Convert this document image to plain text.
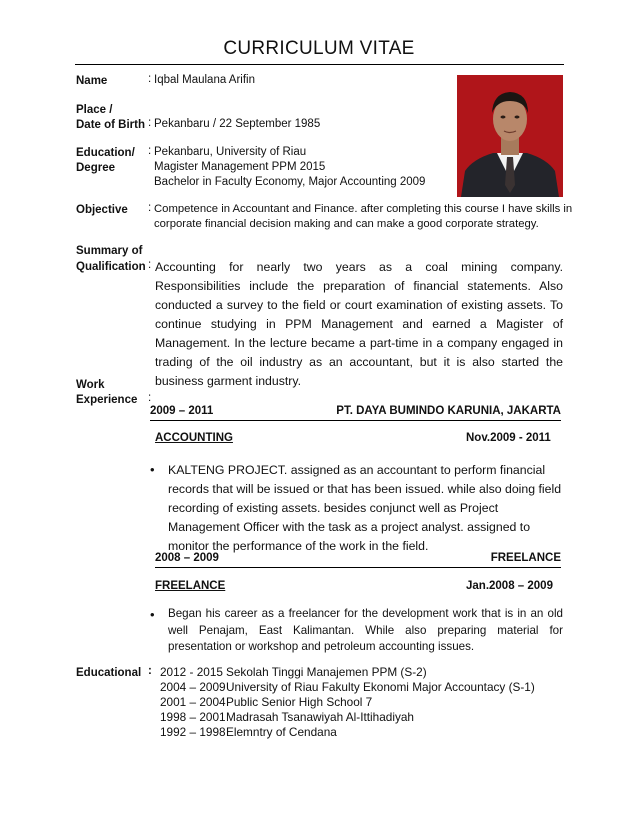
CURRICULUM VITAE
Name	: Iqbal Maulana Arifin
Place /
Date of Birth : Pekanbaru / 22 September 1985
Education/
Degree
: Pekanbaru, University of Riau
Magister Management PPM 2015
Bachelor in Faculty Economy, Major Accounting 2009
Objective : Competence in Accountant and Finance. after completing this course I have skills in
corporate financial decision making and can make a good corporate strategy.
Summary of
Qualification : Accounting for nearly two years as a coal mining company. Responsibilities include the preparation of financial statements. Also conducted a survey to the field or court examination of existing assets. To continue studying in PPM Management and earned a Magister of Management. In the lecture became a part-time in a company engaged in trading of the oil industry as an accountant, but it is also started the business garment industry.
Work
Experience :
2009 – 2011	PT. DAYA BUMINDO KARUNIA, JAKARTA
ACCOUNTING	Nov.2009 - 2011
• KALTENG PROJECT. assigned as an accountant to perform financial records that will be issued or that has been issued. while also doing field recording of existing assets. besides conjunct well as Project Management Officer with the task as a project analyst. assigned to monitor the performance of the work in the field.
2008 – 2009	FREELANCE
FREELANCE	Jan.2008 – 2009
• Began his career as a freelancer for the development work that is in an old well Penajam, East Kalimantan. While also preparing material for presentation or workshop and petroleum accounting issues.
Educational : 2012 - 2015 Sekolah Tinggi Manajemen PPM (S-2)
2004 – 2009University of Riau Fakulty Ekonomi Major Accountacy (S-1)
2001 – 2004Public Senior High School 7
1998 – 2001Madrasah Tsanawiyah Al-Ittihadiyah
1992 – 1998Elemntry of Cendana
